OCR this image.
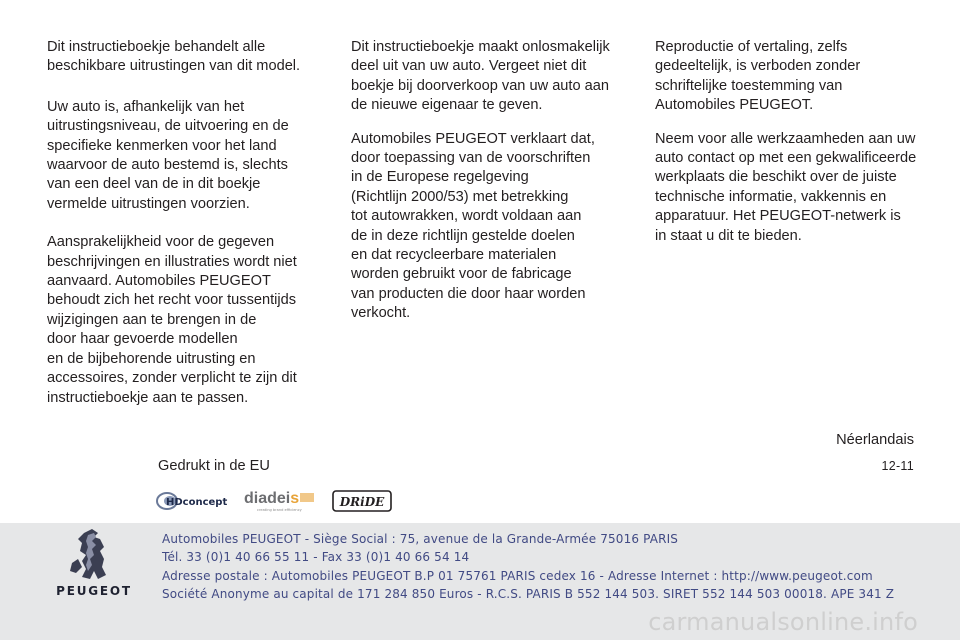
Dit instructieboekje behandelt alle
beschikbare uitrustingen van dit model.

Uw auto is, afhankelijk van het
uitrustingsniveau, de uitvoering en de
specifieke kenmerken voor het land
waarvoor de auto bestemd is, slechts
van een deel van de in dit boekje
vermelde uitrustingen voorzien.

Aansprakelijkheid voor de gegeven
beschrijvingen en illustraties wordt niet
aanvaard. Automobiles PEUGEOT
behoudt zich het recht voor tussentijds
wijzigingen aan te brengen in de
door haar gevoerde modellen
en de bijbehorende uitrusting en
accessoires, zonder verplicht te zijn dit
instructieboekje aan te passen.

Dit instructieboekje maakt onlosmakelijk
deel uit van uw auto. Vergeet niet dit
boekje bij doorverkoop van uw auto aan
de nieuwe eigenaar te geven.

Automobiles PEUGEOT verklaart dat,
door toepassing van de voorschriften
in de Europese regelgeving
(Richtlijn 2000/53) met betrekking
tot autowrakken, wordt voldaan aan
de in deze richtlijn gestelde doelen
en dat recycleerbare materialen
worden gebruikt voor de fabricage
van producten die door haar worden
verkocht.

Reproductie of vertaling, zelfs
gedeeltelijk, is verboden zonder
schriftelijke toestemming van
Automobiles PEUGEOT.

Neem voor alle werkzaamheden aan uw
auto contact op met een gekwalificeerde
werkplaats die beschikt over de juiste
technische informatie, vakkennis en
apparatuur. Het PEUGEOT-netwerk is
in staat u dit te bieden.

Néerlandais
Gedrukt in de EU	12-11
HDconcept diadeis
creating brand efficiency
DRiDE
PEUGEOT
Automobiles PEUGEOT - Siège Social : 75, avenue de la Grande-Armée 75016 PARIS
Tél. 33 (0)1 40 66 55 11 - Fax 33 (0)1 40 66 54 14
Adresse postale : Automobiles PEUGEOT B.P 01 75761 PARIS cedex 16 - Adresse Internet : http://www.peugeot.com
Société Anonyme au capital de 171 284 850 Euros - R.C.S. PARIS B 552 144 503. SIRET 552 144 503 00018. APE 341 Z
carmanualsonline.info
